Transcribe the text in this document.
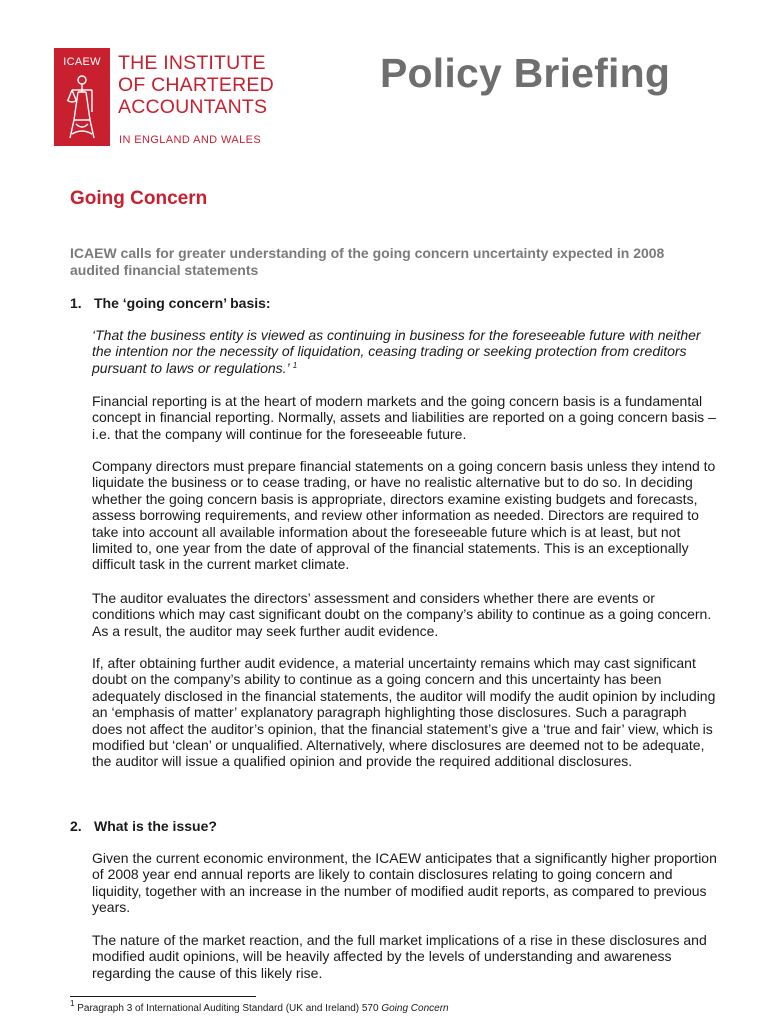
ICAEW THE INSTITUTE
OF CHARTERED
ACCOUNTANTS
IN ENGLAND AND WALES
Policy Briefing
Going Concern
ICAEW calls for greater understanding of the going concern uncertainty expected in 2008 audited financial statements
1. The ‘going concern’ basis:
‘That the business entity is viewed as continuing in business for the foreseeable future with neither the intention nor the necessity of liquidation, ceasing trading or seeking protection from creditors pursuant to laws or regulations.’ $^1$
Financial reporting is at the heart of modern markets and the going concern basis is a fundamental concept in financial reporting. Normally, assets and liabilities are reported on a going concern basis – i.e. that the company will continue for the foreseeable future.
Company directors must prepare financial statements on a going concern basis unless they intend to liquidate the business or to cease trading, or have no realistic alternative but to do so. In deciding whether the going concern basis is appropriate, directors examine existing budgets and forecasts, assess borrowing requirements, and review other information as needed. Directors are required to take into account all available information about the foreseeable future which is at least, but not limited to, one year from the date of approval of the financial statements. This is an exceptionally difficult task in the current market climate.
The auditor evaluates the directors’ assessment and considers whether there are events or conditions which may cast significant doubt on the company’s ability to continue as a going concern. As a result, the auditor may seek further audit evidence.
If, after obtaining further audit evidence, a material uncertainty remains which may cast significant doubt on the company’s ability to continue as a going concern and this uncertainty has been adequately disclosed in the financial statements, the auditor will modify the audit opinion by including an ‘emphasis of matter’ explanatory paragraph highlighting those disclosures. Such a paragraph does not affect the auditor’s opinion, that the financial statement’s give a ‘true and fair’ view, which is modified but ‘clean’ or unqualified. Alternatively, where disclosures are deemed not to be adequate, the auditor will issue a qualified opinion and provide the required additional disclosures.
2. What is the issue?
Given the current economic environment, the ICAEW anticipates that a significantly higher proportion of 2008 year end annual reports are likely to contain disclosures relating to going concern and liquidity, together with an increase in the number of modified audit reports, as compared to previous years.
The nature of the market reaction, and the full market implications of a rise in these disclosures and modified audit opinions, will be heavily affected by the levels of understanding and awareness regarding the cause of this likely rise.
$^1$ Paragraph 3 of International Auditing Standard (UK and Ireland) 570 Going Concern
